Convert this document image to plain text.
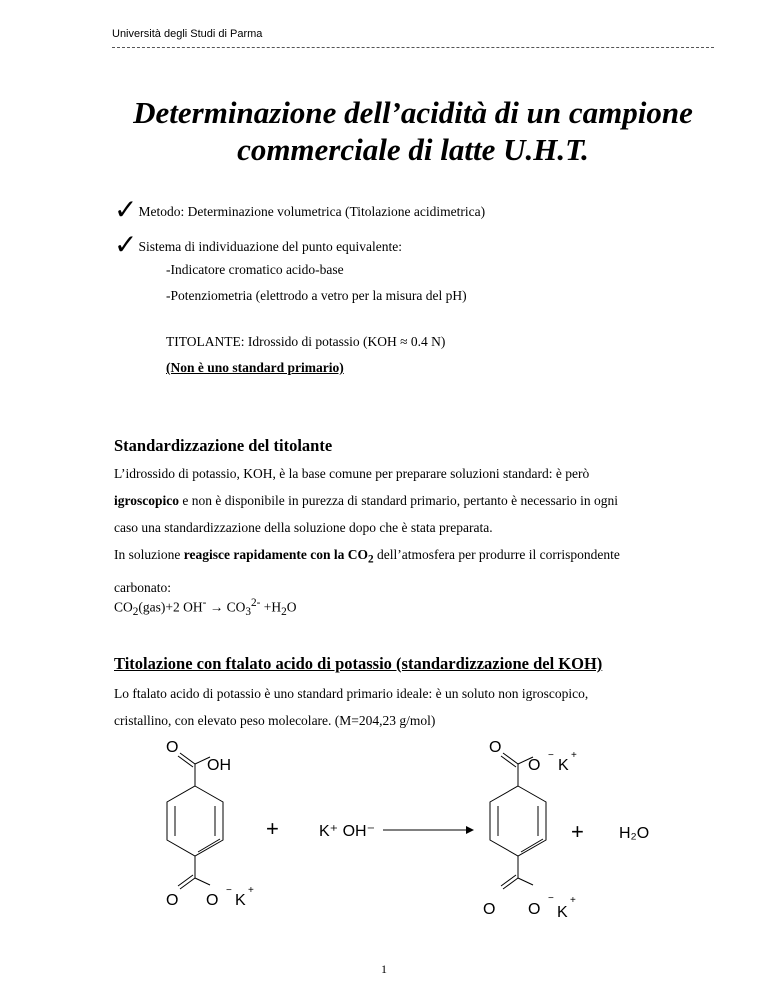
Università degli Studi di Parma
Determinazione dell’acidità di un campione
commerciale di latte U.H.T.
✓Metodo: Determinazione volumetrica (Titolazione acidimetrica)
✓Sistema di individuazione del punto equivalente:
-Indicatore cromatico acido-base
-Potenziometria (elettrodo a vetro per la misura del pH)
TITOLANTE: Idrossido di potassio (KOH ≈ 0.4 N)
(Non è uno standard primario)
Standardizzazione del titolante
L’idrossido di potassio, KOH, è la base comune per preparare soluzioni standard: è però
igroscopico e non è disponibile in purezza di standard primario, pertanto è necessario in ogni
caso una standardizzazione della soluzione dopo che è stata preparata.
In soluzione reagisce rapidamente con la $CO_2$ dell’atmosfera per produrre il corrispondente
carbonato:
$CO_2(gas)+2$ $OH^- \to CO_3^{2-} +H_2O$
Titolazione con ftalato acido di potassio (standardizzazione del KOH)
Lo ftalato acido di potassio è uno standard primario ideale: è un soluto non igroscopico,
cristallino, con elevato peso molecolare. (M=204,23 g/mol)
O
OH
O O
−
K
+
+	K⁺ OH⁻
O
O
−
K
+
O O
−
K
+
+ H₂O
1
